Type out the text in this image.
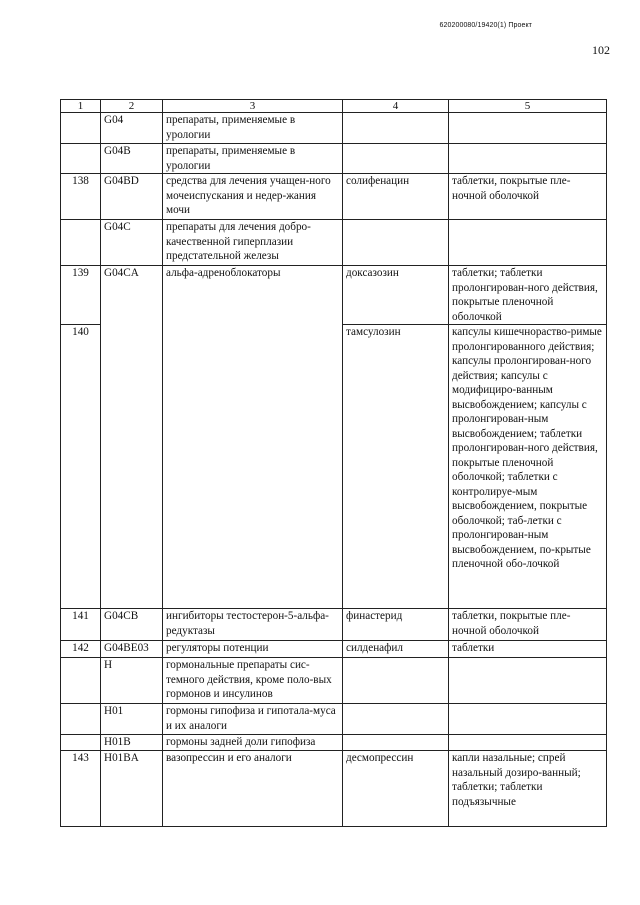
620200080/19420(1) Проект
102
1	2	3	4	5
	G04	препараты, применяемые в урологии		
	G04B	препараты, применяемые в урологии		
138	G04BD	средства для лечения учащен-ного мочеиспускания и недер-жания мочи	солифенацин	таблетки, покрытые пле-ночной оболочкой
	G04C	препараты для лечения добро-качественной гиперплазии предстательной железы		
139	G04CA	альфа-адреноблокаторы	доксазозин	таблетки; таблетки пролонгирован-ного действия, покрытые пленочной оболочкой
140			тамсулозин	капсулы кишечнораство-римые пролонгированного действия; капсулы пролонгирован-ного действия; капсулы с модифициро-ванным высвобождением; капсулы с пролонгирован-ным высвобождением; таблетки пролонгирован-ного действия, покрытые пленочной оболочкой; таблетки с контролируе-мым высвобождением, покрытые оболочкой; таб-летки с пролонгирован-ным высвобождением, по-крытые пленочной обо-лочкой
141	G04CB	ингибиторы тестостерон-5-альфа-редуктазы	финастерид	таблетки, покрытые пле-ночной оболочкой
142	G04BE03	регуляторы потенции	силденафил	таблетки
	H	гормональные препараты сис-темного действия, кроме поло-вых гормонов и инсулинов		
	H01	гормоны гипофиза и гипотала-муса и их аналоги		
	H01B	гормоны задней доли гипофиза		
143	H01BA	вазопрессин и его аналоги	десмопрессин	капли назальные; спрей назальный дозиро-ванный; таблетки; таблетки подъязычные
